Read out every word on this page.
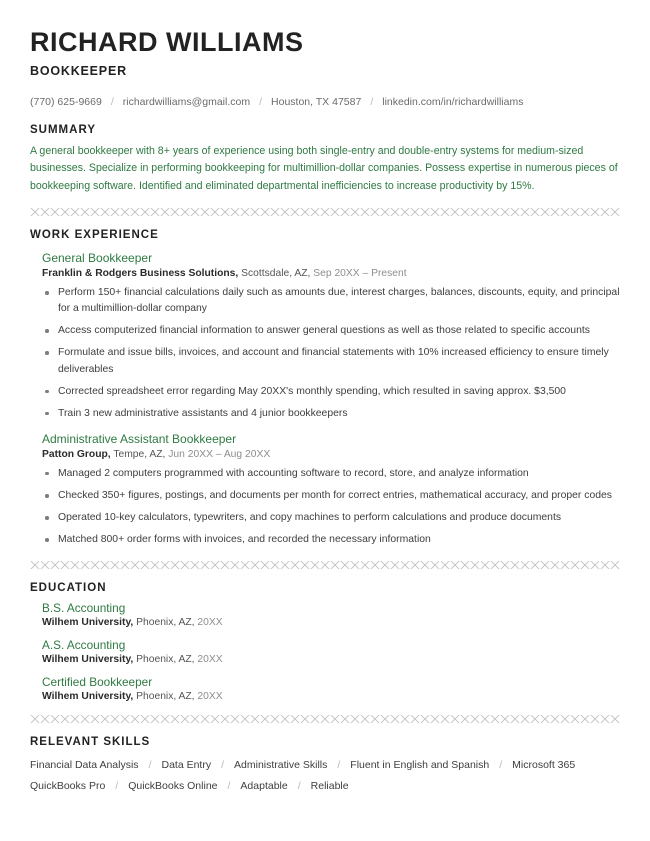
RICHARD WILLIAMS
BOOKKEEPER
(770) 625-9669 / richardwilliams@gmail.com / Houston, TX 47587 / linkedin.com/in/richardwilliams
SUMMARY

A general bookkeeper with 8+ years of experience using both single-entry and double-entry systems for medium-sized businesses. Specialize in performing bookkeeping for multimillion-dollar companies. Possess expertise in numerous pieces of bookkeeping software. Identified and eliminated departmental inefficiencies to increase productivity by 15%.

WORK EXPERIENCE
General Bookkeeper
Franklin & Rodgers Business Solutions, Scottsdale, AZ, Sep 20XX – Present
Perform 150+ financial calculations daily such as amounts due, interest charges, balances, discounts, equity, and principal for a multimillion-dollar company
Access computerized financial information to answer general questions as well as those related to specific accounts
Formulate and issue bills, invoices, and account and financial statements with 10% increased efficiency to ensure timely deliverables
Corrected spreadsheet error regarding May 20XX's monthly spending, which resulted in saving approx. $3,500
Train 3 new administrative assistants and 4 junior bookkeepers
Administrative Assistant Bookkeeper
Patton Group, Tempe, AZ, Jun 20XX – Aug 20XX
Managed 2 computers programmed with accounting software to record, store, and analyze information
Checked 350+ figures, postings, and documents per month for correct entries, mathematical accuracy, and proper codes
Operated 10-key calculators, typewriters, and copy machines to perform calculations and produce documents
Matched 800+ order forms with invoices, and recorded the necessary information
EDUCATION
B.S. Accounting
Wilhem University, Phoenix, AZ, 20XX
A.S. Accounting
Wilhem University, Phoenix, AZ, 20XX
Certified Bookkeeper
Wilhem University, Phoenix, AZ, 20XX
RELEVANT SKILLS
Financial Data Analysis / Data Entry / Administrative Skills / Fluent in English and Spanish / Microsoft 365
QuickBooks Pro / QuickBooks Online / Adaptable / Reliable
